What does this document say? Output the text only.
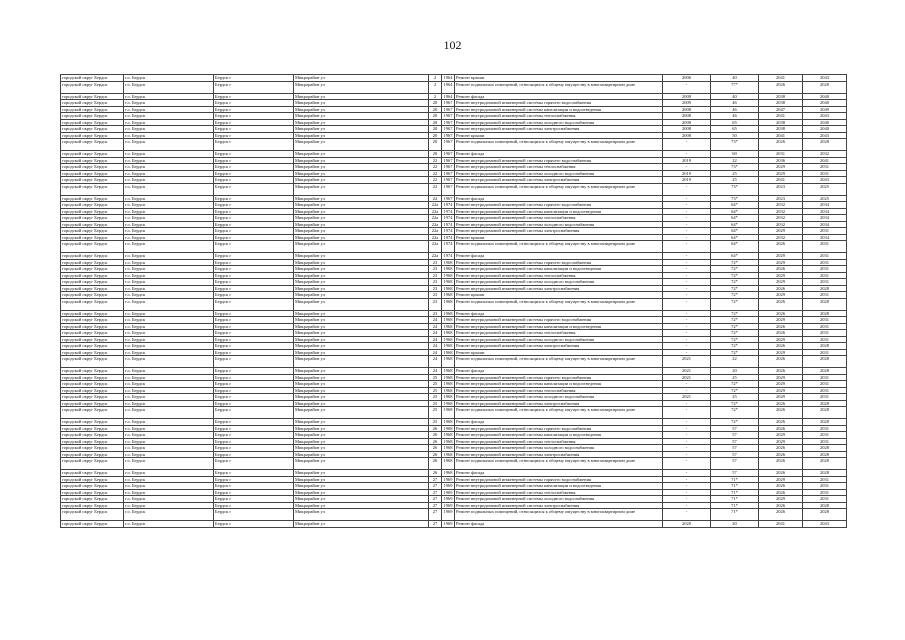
102
городской округ Бердск	г.о. Бердск	Бердск г	Микрорайон ул	2	1964	Ремонт крыши	2006	40	2041	2043
городской округ Бердск	г.о. Бердск	Бердск г	Микрорайон ул	2	1964	Ремонт подвальных помещений, относящихся к общему имуществу в многоквартирном доме	-	77*	2026	2028
городской округ Бердск	г.о. Бердск	Бердск г	Микрорайон ул	2	1964	Ремонт фасада	2008	40	2038	2040
городской округ Бердск	г.о. Бердск	Бердск г	Микрорайон ул	20	1967	Ремонт внутридомовой инженерной системы горячего водоснабжения	2009	46	2038	2040
городской округ Бердск	г.о. Бердск	Бердск г	Микрорайон ул	20	1967	Ремонт внутридомовой инженерной системы канализации и водоотведения	2008	46	2047	2049
городской округ Бердск	г.о. Бердск	Бердск г	Микрорайон ул	20	1967	Ремонт внутридомовой инженерной системы теплоснабжения	2008	46	2041	2043
городской округ Бердск	г.о. Бердск	Бердск г	Микрорайон ул	20	1967	Ремонт внутридомовой инженерной системы холодного водоснабжения	2008	65	2038	2040
городской округ Бердск	г.о. Бердск	Бердск г	Микрорайон ул	20	1967	Ремонт внутридомовой инженерной системы электроснабжения	2008	65	2038	2040
городской округ Бердск	г.о. Бердск	Бердск г	Микрорайон ул	20	1967	Ремонт крыши	2008	50	2041	2043
городской округ Бердск	г.о. Бердск	Бердск г	Микрорайон ул	20	1967	Ремонт подвальных помещений, относящихся к общему имуществу в многоквартирном доме	-	73*	2026	2028
городской округ Бердск	г.о. Бердск	Бердск г	Микрорайон ул	20	1967	Ремонт фасада	-	60	2031	2032
городской округ Бердск	г.о. Бердск	Бердск г	Микрорайон ул	22	1967	Ремонт внутридомовой инженерной системы горячего водоснабжения	2019	22	2036	2041
городской округ Бердск	г.о. Бердск	Бердск г	Микрорайон ул	22	1967	Ремонт внутридомовой инженерной системы теплоснабжения	-	73*	2029	2031
городской округ Бердск	г.о. Бердск	Бердск г	Микрорайон ул	22	1967	Ремонт внутридомовой инженерной системы холодного водоснабжения	2019	25	2029	2031
городской округ Бердск	г.о. Бердск	Бердск г	Микрорайон ул	22	1967	Ремонт внутридомовой инженерной системы электроснабжения	2019	25	2041	2043
городской округ Бердск	г.о. Бердск	Бердск г	Микрорайон ул	22	1967	Ремонт подвальных помещений, относящихся к общему имуществу в многоквартирном доме	-	73*	2023	2025
городской округ Бердск	г.о. Бердск	Бердск г	Микрорайон ул	22	1967	Ремонт фасада	-	73*	2023	2025
городской округ Бердск	г.о. Бердск	Бердск г	Микрорайон ул	22а	1974	Ремонт внутридомовой инженерной системы горячего водоснабжения	-	64*	2032	2034
городской округ Бердск	г.о. Бердск	Бердск г	Микрорайон ул	22а	1974	Ремонт внутридомовой инженерной системы канализации и водоотведения	-	64*	2032	2034
городской округ Бердск	г.о. Бердск	Бердск г	Микрорайон ул	22а	1974	Ремонт внутридомовой инженерной системы теплоснабжения	-	64*	2032	2034
городской округ Бердск	г.о. Бердск	Бердск г	Микрорайон ул	22а	1974	Ремонт внутридомовой инженерной системы холодного водоснабжения	-	64*	2032	2034
городской округ Бердск	г.о. Бердск	Бердск г	Микрорайон ул	22а	1974	Ремонт внутридомовой инженерной системы электроснабжения	-	64*	2029	2031
городской округ Бердск	г.о. Бердск	Бердск г	Микрорайон ул	22а	1974	Ремонт крыши	-	64*	2032	2034
городской округ Бердск	г.о. Бердск	Бердск г	Микрорайон ул	22а	1974	Ремонт подвальных помещений, относящихся к общему имуществу в многоквартирном доме	-	64*	2026	2031
городской округ Бердск	г.о. Бердск	Бердск г	Микрорайон ул	22а	1974	Ремонт фасада	-	64*	2029	2031
городской округ Бердск	г.о. Бердск	Бердск г	Микрорайон ул	23	1968	Ремонт внутридомовой инженерной системы горячего водоснабжения	-	72*	2029	2031
городской округ Бердск	г.о. Бердск	Бердск г	Микрорайон ул	23	1968	Ремонт внутридомовой инженерной системы канализации и водоотведения	-	72*	2026	2031
городской округ Бердск	г.о. Бердск	Бердск г	Микрорайон ул	23	1968	Ремонт внутридомовой инженерной системы теплоснабжения	-	72*	2029	2031
городской округ Бердск	г.о. Бердск	Бердск г	Микрорайон ул	23	1968	Ремонт внутридомовой инженерной системы холодного водоснабжения	-	72*	2029	2031
городской округ Бердск	г.о. Бердск	Бердск г	Микрорайон ул	23	1968	Ремонт внутридомовой инженерной системы электроснабжения	-	72*	2026	2028
городской округ Бердск	г.о. Бердск	Бердск г	Микрорайон ул	23	1968	Ремонт крыши	-	72*	2029	2031
городской округ Бердск	г.о. Бердск	Бердск г	Микрорайон ул	23	1968	Ремонт подвальных помещений, относящихся к общему имуществу в многоквартирном доме	-	72*	2026	2028
городской округ Бердск	г.о. Бердск	Бердск г	Микрорайон ул	23	1968	Ремонт фасада	-	72*	2026	2028
городской округ Бердск	г.о. Бердск	Бердск г	Микрорайон ул	24	1968	Ремонт внутридомовой инженерной системы горячего водоснабжения	-	72*	2029	2031
городской округ Бердск	г.о. Бердск	Бердск г	Микрорайон ул	24	1968	Ремонт внутридомовой инженерной системы канализации и водоотведения	-	72*	2026	2031
городской округ Бердск	г.о. Бердск	Бердск г	Микрорайон ул	24	1968	Ремонт внутридомовой инженерной системы теплоснабжения	-	72*	2026	2031
городской округ Бердск	г.о. Бердск	Бердск г	Микрорайон ул	24	1968	Ремонт внутридомовой инженерной системы холодного водоснабжения	-	72*	2029	2031
городской округ Бердск	г.о. Бердск	Бердск г	Микрорайон ул	24	1968	Ремонт внутридомовой инженерной системы электроснабжения	-	72*	2026	2028
городской округ Бердск	г.о. Бердск	Бердск г	Микрорайон ул	24	1968	Ремонт крыши	-	72*	2029	2031
городской округ Бердск	г.о. Бердск	Бердск г	Микрорайон ул	24	1968	Ремонт подвальных помещений, относящихся к общему имуществу в многоквартирном доме	2021	22	2026	2028
городской округ Бердск	г.о. Бердск	Бердск г	Микрорайон ул	24	1968	Ремонт фасада	2021	20	2026	2028
городской округ Бердск	г.о. Бердск	Бердск г	Микрорайон ул	25	1968	Ремонт внутридомовой инженерной системы горячего водоснабжения	2021	25	2029	2031
городской округ Бердск	г.о. Бердск	Бердск г	Микрорайон ул	25	1968	Ремонт внутридомовой инженерной системы канализации и водоотведения	-	72*	2029	2031
городской округ Бердск	г.о. Бердск	Бердск г	Микрорайон ул	25	1968	Ремонт внутридомовой инженерной системы теплоснабжения	-	72*	2029	2031
городской округ Бердск	г.о. Бердск	Бердск г	Микрорайон ул	25	1968	Ремонт внутридомовой инженерной системы холодного водоснабжения	2021	25	2029	2031
городской округ Бердск	г.о. Бердск	Бердск г	Микрорайон ул	25	1968	Ремонт внутридомовой инженерной системы электроснабжения	-	72*	2026	2028
городской округ Бердск	г.о. Бердск	Бердск г	Микрорайон ул	25	1968	Ремонт подвальных помещений, относящихся к общему имуществу в многоквартирном доме	-	72*	2026	2028
городской округ Бердск	г.о. Бердск	Бердск г	Микрорайон ул	25	1968	Ремонт фасада	-	72*	2026	2028
городской округ Бердск	г.о. Бердск	Бердск г	Микрорайон ул	26	1968	Ремонт внутридомовой инженерной системы горячего водоснабжения	-	57	2026	2031
городской округ Бердск	г.о. Бердск	Бердск г	Микрорайон ул	26	1968	Ремонт внутридомовой инженерной системы канализации и водоотведения	-	57	2029	2031
городской округ Бердск	г.о. Бердск	Бердск г	Микрорайон ул	26	1968	Ремонт внутридомовой инженерной системы теплоснабжения	-	57	2029	2031
городской округ Бердск	г.о. Бердск	Бердск г	Микрорайон ул	26	1968	Ремонт внутридомовой инженерной системы холодного водоснабжения	-	57	2026	2028
городской округ Бердск	г.о. Бердск	Бердск г	Микрорайон ул	26	1968	Ремонт внутридомовой инженерной системы электроснабжения	-	57	2026	2028
городской округ Бердск	г.о. Бердск	Бердск г	Микрорайон ул	26	1968	Ремонт подвальных помещений, относящихся к общему имуществу в многоквартирном доме	-	57	2026	2028
городской округ Бердск	г.о. Бердск	Бердск г	Микрорайон ул	26	1968	Ремонт фасада	-	57	2026	2028
городской округ Бердск	г.о. Бердск	Бердск г	Микрорайон ул	27	1969	Ремонт внутридомовой инженерной системы горячего водоснабжения	-	71*	2029	2031
городской округ Бердск	г.о. Бердск	Бердск г	Микрорайон ул	27	1969	Ремонт внутридомовой инженерной системы канализации и водоотведения	-	71*	2026	2031
городской округ Бердск	г.о. Бердск	Бердск г	Микрорайон ул	27	1969	Ремонт внутридомовой инженерной системы теплоснабжения	-	71*	2026	2031
городской округ Бердск	г.о. Бердск	Бердск г	Микрорайон ул	27	1969	Ремонт внутридомовой инженерной системы холодного водоснабжения	-	71*	2029	2031
городской округ Бердск	г.о. Бердск	Бердск г	Микрорайон ул	27	1969	Ремонт внутридомовой инженерной системы электроснабжения	-	71*	2026	2028
городской округ Бердск	г.о. Бердск	Бердск г	Микрорайон ул	27	1969	Ремонт подвальных помещений, относящихся к общему имуществу в многоквартирном доме	-	71*	2026	2028
городской округ Бердск	г.о. Бердск	Бердск г	Микрорайон ул	27	1969	Ремонт фасада	2020	20	2041	2043
